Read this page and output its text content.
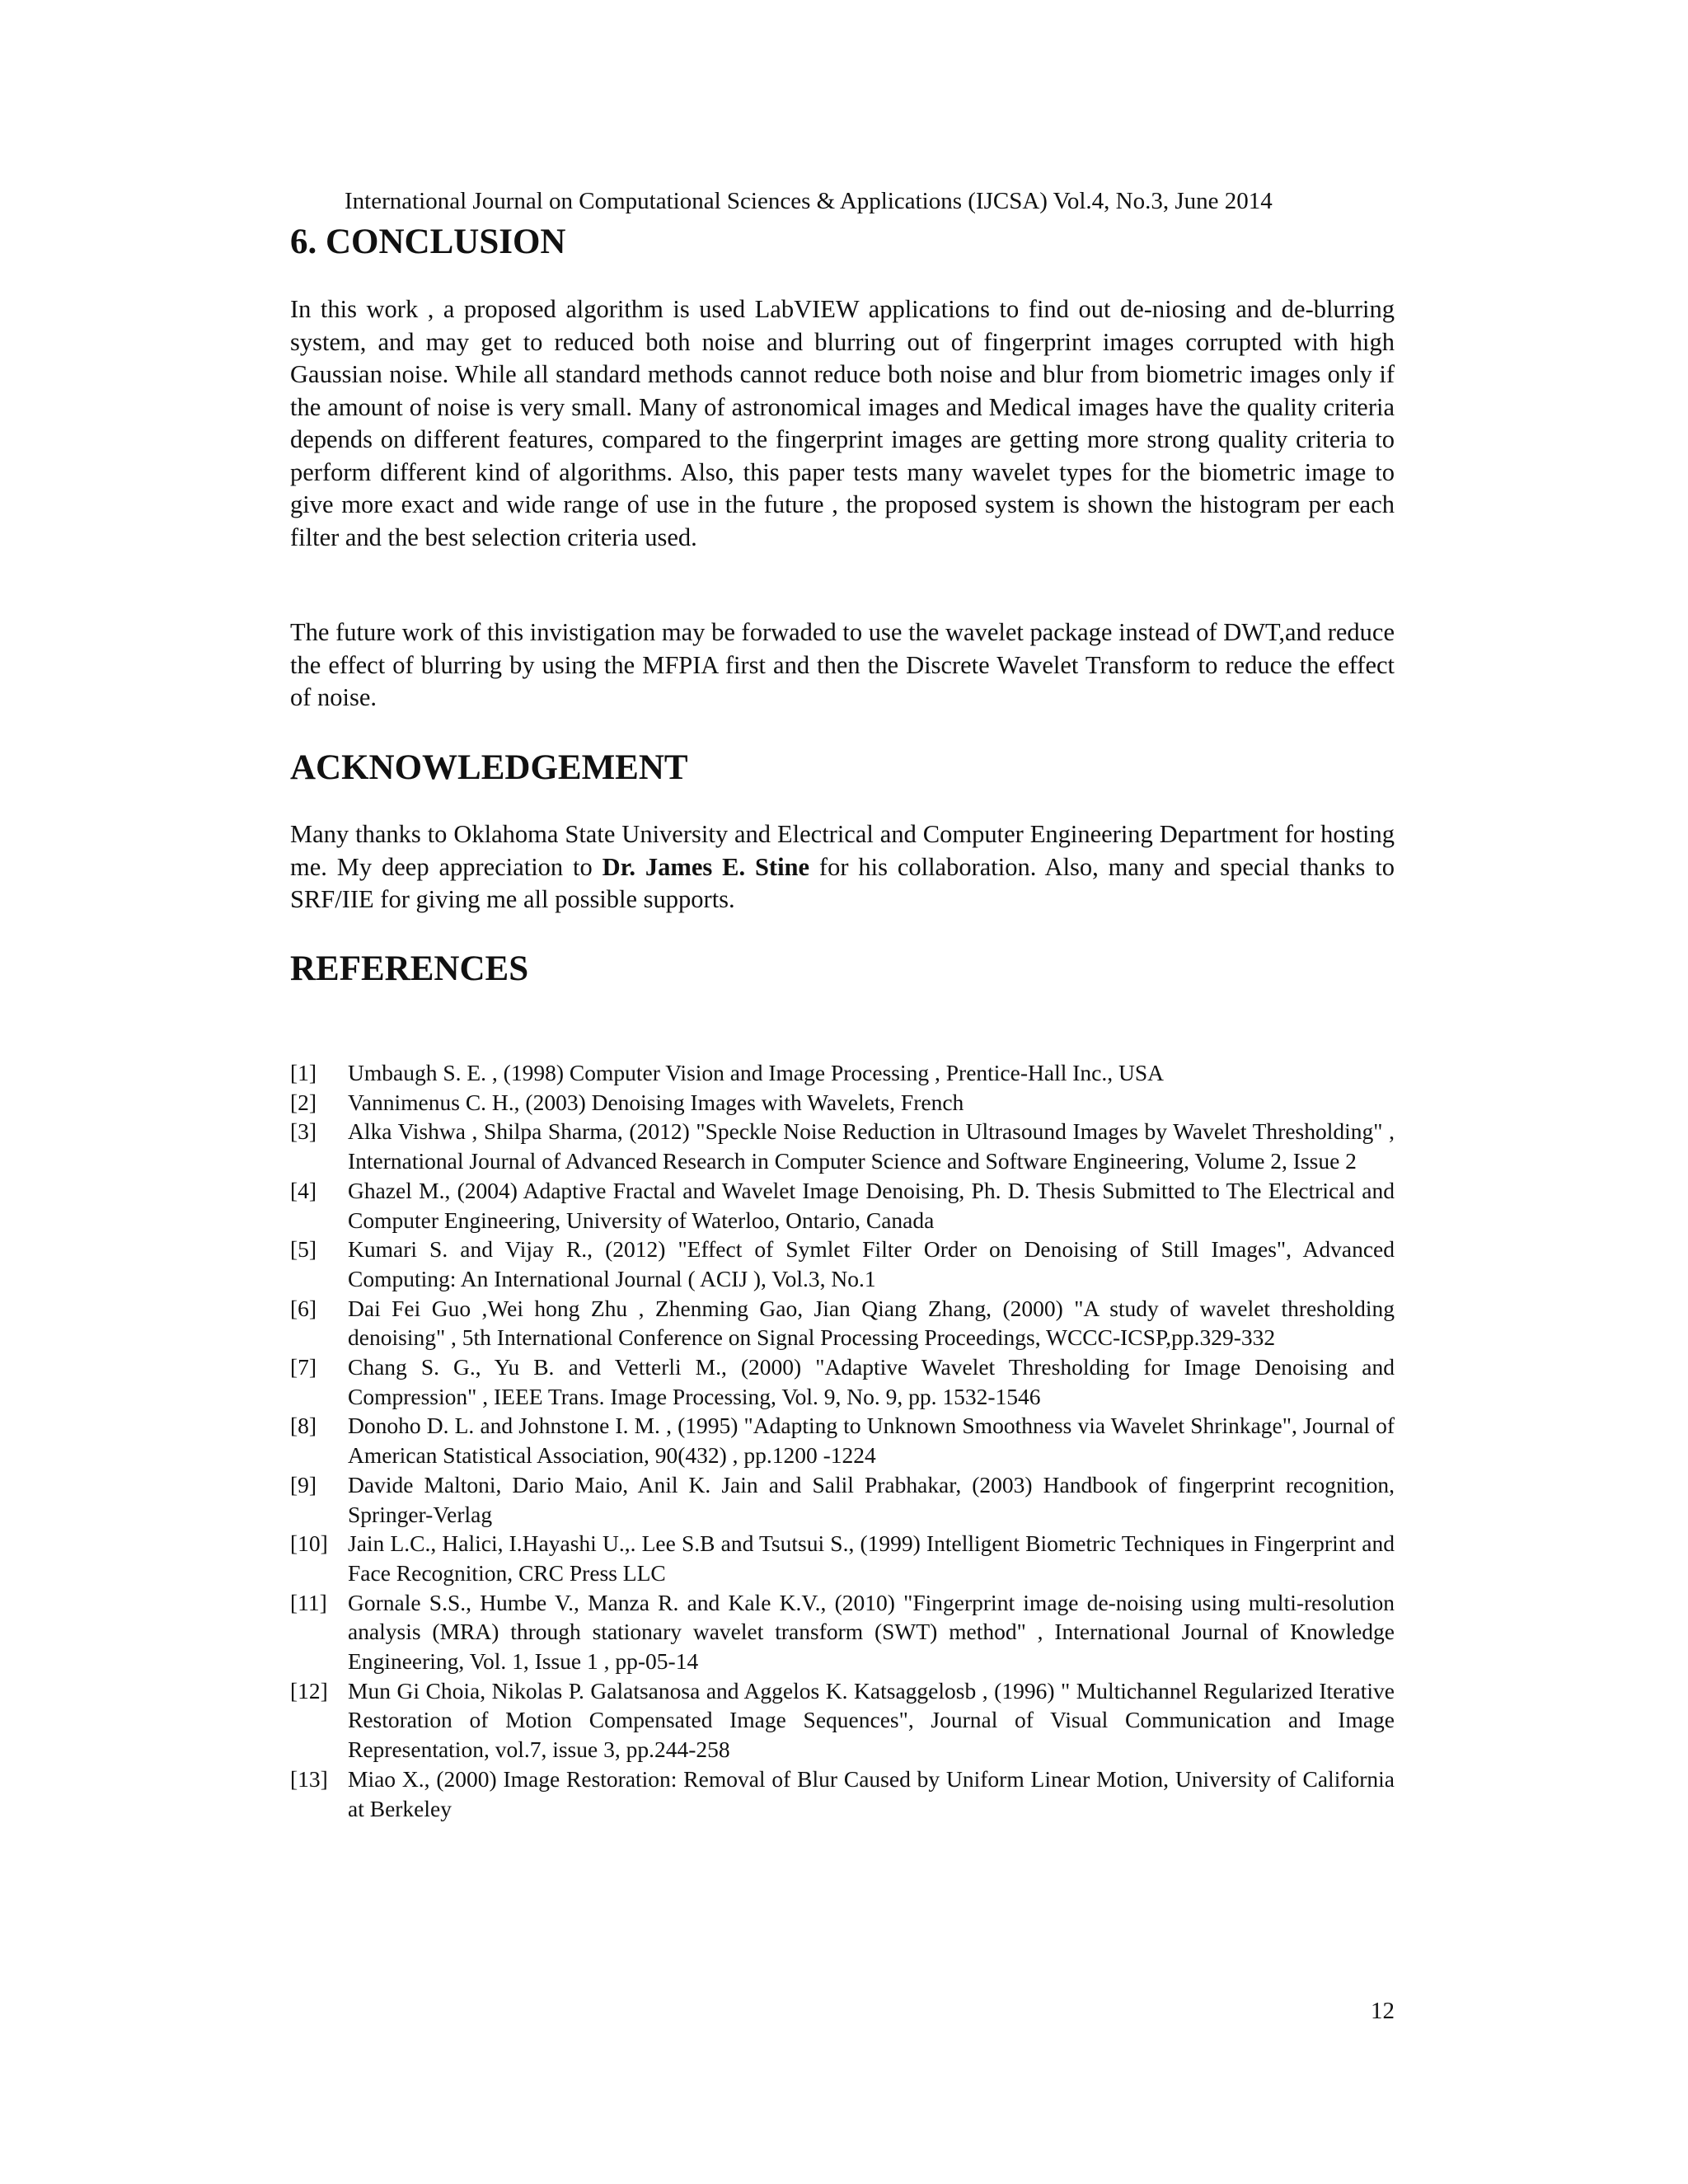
International Journal on Computational Sciences & Applications (IJCSA) Vol.4, No.3, June 2014
6. CONCLUSION

In this work , a proposed algorithm is used LabVIEW applications to find out de-niosing and de-blurring system, and may get to reduced both noise and blurring out of fingerprint images corrupted with high Gaussian noise. While all standard methods cannot reduce both noise and blur from biometric images only if the amount of noise is very small. Many of astronomical images and Medical images have the quality criteria depends on different features, compared to the fingerprint images are getting more strong quality criteria to perform different kind of algorithms. Also, this paper tests many wavelet types for the biometric image to give more exact and wide range of use in the future , the proposed system is shown the histogram per each filter and the best selection criteria used.

The future work of this invistigation may be forwaded to use the wavelet package instead of DWT,and reduce the effect of blurring by using the MFPIA first and then the Discrete Wavelet Transform to reduce the effect of noise.

ACKNOWLEDGEMENT

Many thanks to Oklahoma State University and Electrical and Computer Engineering Department for hosting me. My deep appreciation to Dr. James E. Stine for his collaboration. Also, many and special thanks to SRF/IIE for giving me all possible supports.

REFERENCES
[1]	Umbaugh S. E. , (1998) Computer Vision and Image Processing , Prentice-Hall Inc., USA
[2]	Vannimenus C. H., (2003) Denoising Images with Wavelets, French
[3]	Alka Vishwa , Shilpa Sharma, (2012) "Speckle Noise Reduction in Ultrasound Images by Wavelet Thresholding" , International Journal of Advanced Research in Computer Science and Software Engineering, Volume 2, Issue 2
[4]	Ghazel M., (2004) Adaptive Fractal and Wavelet Image Denoising, Ph. D. Thesis Submitted to The Electrical and Computer Engineering, University of Waterloo, Ontario, Canada
[5]	Kumari S. and Vijay R., (2012) "Effect of Symlet Filter Order on Denoising of Still Images", Advanced Computing: An International Journal ( ACIJ ), Vol.3, No.1
[6]	Dai Fei Guo ,Wei hong Zhu , Zhenming Gao, Jian Qiang Zhang, (2000) "A study of wavelet thresholding denoising" , 5th International Conference on Signal Processing Proceedings, WCCC-ICSP,pp.329-332
[7]	Chang S. G., Yu B. and Vetterli M., (2000) "Adaptive Wavelet Thresholding for Image Denoising and Compression" , IEEE Trans. Image Processing, Vol. 9, No. 9, pp. 1532-1546
[8]	Donoho D. L. and Johnstone I. M. , (1995) "Adapting to Unknown Smoothness via Wavelet Shrinkage", Journal of American Statistical Association, 90(432) , pp.1200 -1224
[9]	Davide Maltoni, Dario Maio, Anil K. Jain and Salil Prabhakar, (2003) Handbook of fingerprint recognition, Springer-Verlag
[10] Jain L.C., Halici, I.Hayashi U.,. Lee S.B and Tsutsui S., (1999) Intelligent Biometric Techniques in Fingerprint and Face Recognition, CRC Press LLC
[11] Gornale S.S., Humbe V., Manza R. and Kale K.V., (2010) "Fingerprint image de-noising using multi-resolution analysis (MRA) through stationary wavelet transform (SWT) method" , International Journal of Knowledge Engineering, Vol. 1, Issue 1 , pp-05-14
[12] Mun Gi Choia, Nikolas P. Galatsanosa and Aggelos K. Katsaggelosb , (1996) " Multichannel Regularized Iterative Restoration of Motion Compensated Image Sequences", Journal of Visual Communication and Image Representation, vol.7, issue 3, pp.244-258
[13] Miao X., (2000) Image Restoration: Removal of Blur Caused by Uniform Linear Motion, University of California at Berkeley
12
